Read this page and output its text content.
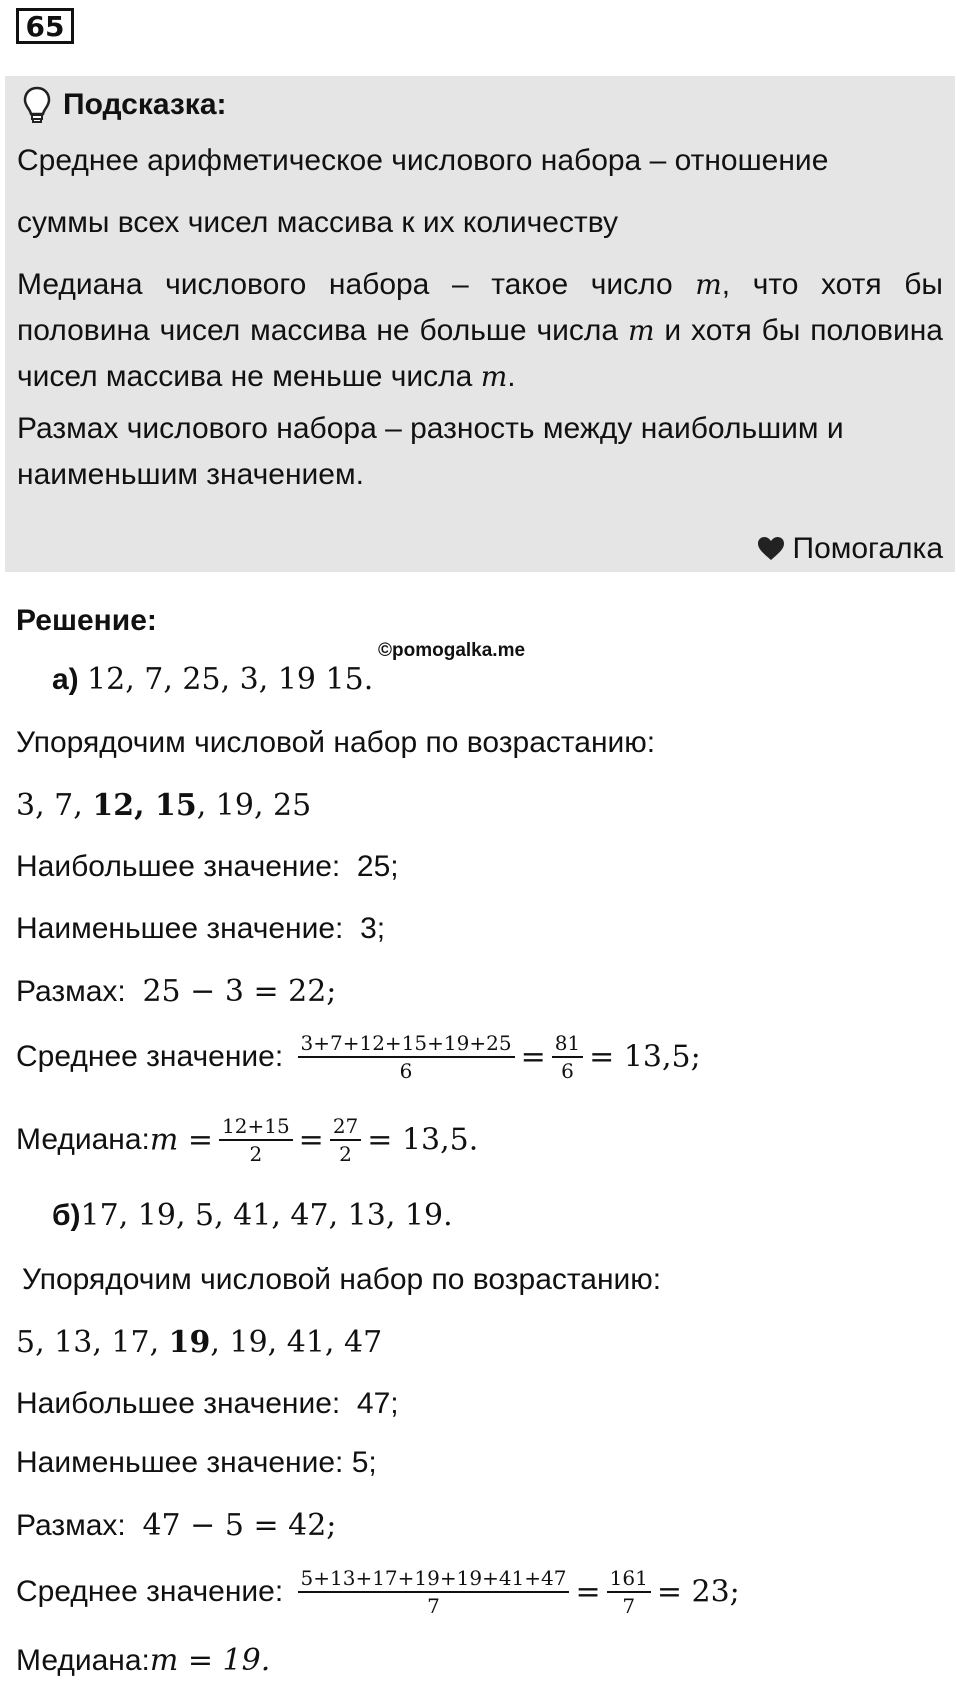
65
Подсказка:

Среднее арифметическое числового набора – отношение

суммы всех чисел массива к их количеству

Медиана числового набора – такое число m, что хотя бы половина чисел массива не больше числа m и хотя бы половина чисел массива не меньше числа m.

Размах числового набора – разность между наибольшим и наименьшим значением.

Помогалка
Решение:
©pomogalka.me
а) 12, 7, 25, 3, 19 15.
Упорядочим числовой набор по возрастанию:
3, 7, 12, 15, 19, 25
Наибольшее значение: 25;
Наименьшее значение: 3;
Размах: 25 − 3 = 22;
Среднее значение: $\frac{3+7+12+15+19+25}{6} = \frac{81}{6} = 13,5$;
Медиана:m = $\frac{12+15}{2} = \frac{27}{2} = 13,5$.
б)17, 19, 5, 41, 47, 13, 19.
Упорядочим числовой набор по возрастанию:
5, 13, 17, 19, 19, 41, 47
Наибольшее значение: 47;
Наименьшее значение: 5;
Размах: 47 − 5 = 42;
Среднее значение: $\frac{5+13+17+19+19+41+47}{7} = \frac{161}{7} = 23$;
Медиана:m = 19.
